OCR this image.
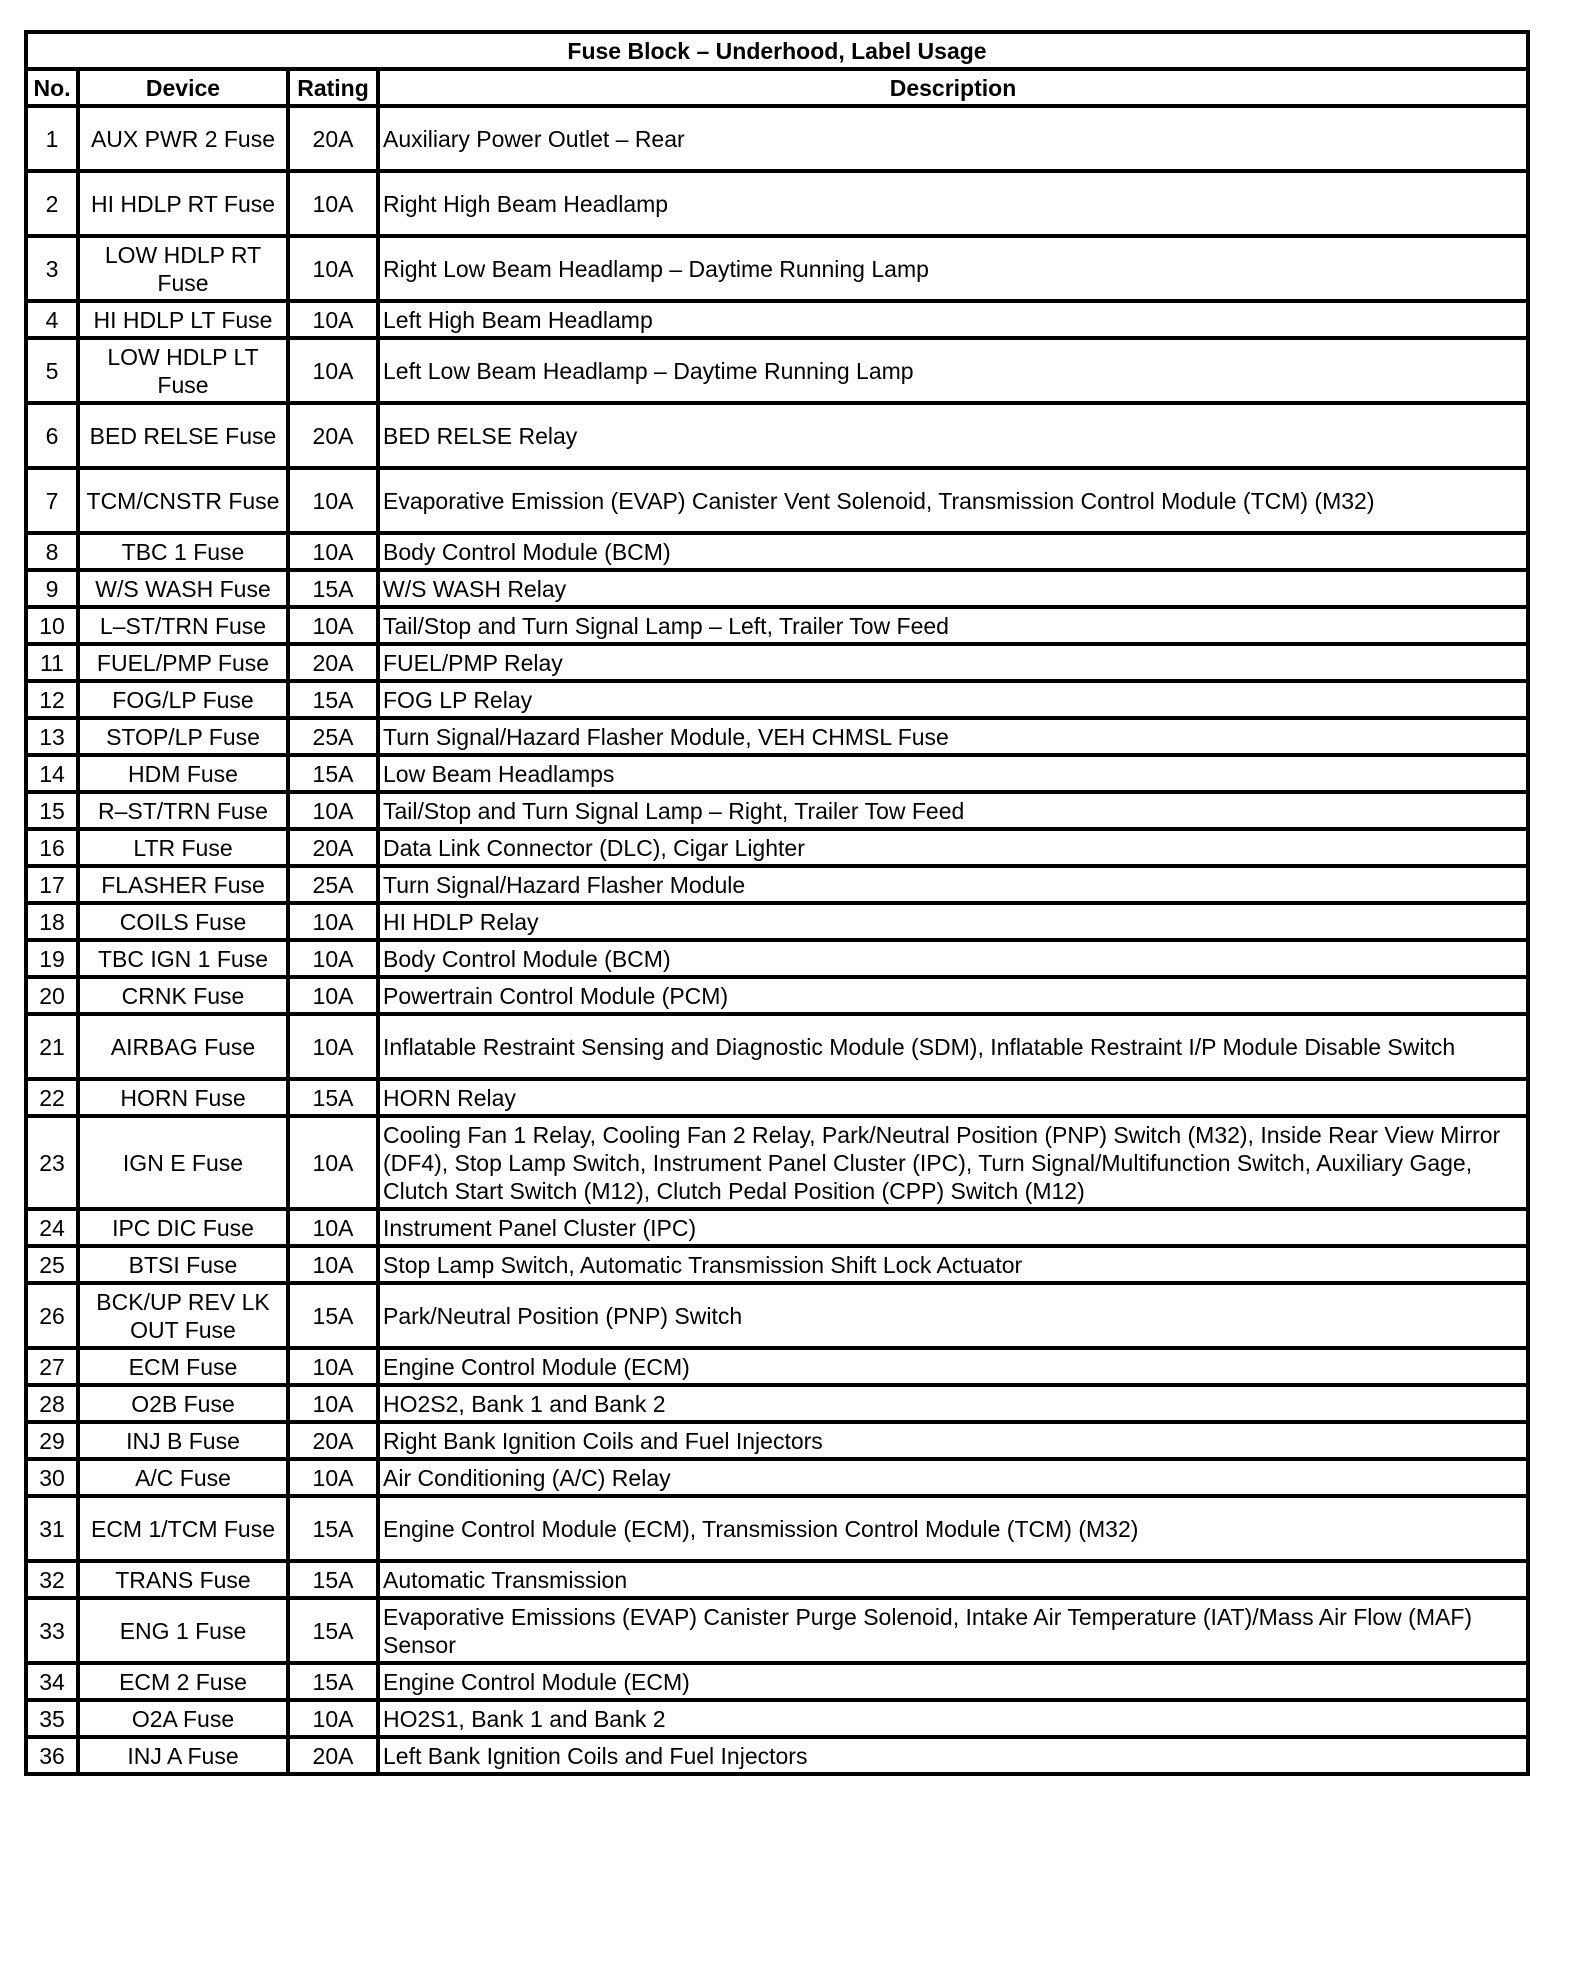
Fuse Block – Underhood, Label Usage			
No.	Device	Rating	Description
1	AUX PWR 2 Fuse	20A	Auxiliary Power Outlet – Rear
2	HI HDLP RT Fuse	10A	Right High Beam Headlamp
3	LOW HDLP RT Fuse	10A	Right Low Beam Headlamp – Daytime Running Lamp
4	HI HDLP LT Fuse	10A	Left High Beam Headlamp
5	LOW HDLP LT Fuse	10A	Left Low Beam Headlamp – Daytime Running Lamp
6	BED RELSE Fuse	20A	BED RELSE Relay
7	TCM/CNSTR Fuse	10A	Evaporative Emission (EVAP) Canister Vent Solenoid, Transmission Control Module (TCM) (M32)
8	TBC 1 Fuse	10A	Body Control Module (BCM)
9	W/S WASH Fuse	15A	W/S WASH Relay
10	L–ST/TRN Fuse	10A	Tail/Stop and Turn Signal Lamp – Left, Trailer Tow Feed
11	FUEL/PMP Fuse	20A	FUEL/PMP Relay
12	FOG/LP Fuse	15A	FOG LP Relay
13	STOP/LP Fuse	25A	Turn Signal/Hazard Flasher Module, VEH CHMSL Fuse
14	HDM Fuse	15A	Low Beam Headlamps
15	R–ST/TRN Fuse	10A	Tail/Stop and Turn Signal Lamp – Right, Trailer Tow Feed
16	LTR Fuse	20A	Data Link Connector (DLC), Cigar Lighter
17	FLASHER Fuse	25A	Turn Signal/Hazard Flasher Module
18	COILS Fuse	10A	HI HDLP Relay
19	TBC IGN 1 Fuse	10A	Body Control Module (BCM)
20	CRNK Fuse	10A	Powertrain Control Module (PCM)
21	AIRBAG Fuse	10A	Inflatable Restraint Sensing and Diagnostic Module (SDM), Inflatable Restraint I/P Module Disable Switch
22	HORN Fuse	15A	HORN Relay
23	IGN E Fuse	10A	Cooling Fan 1 Relay, Cooling Fan 2 Relay, Park/Neutral Position (PNP) Switch (M32), Inside Rear View Mirror (DF4), Stop Lamp Switch, Instrument Panel Cluster (IPC), Turn Signal/Multifunction Switch, Auxiliary Gage, Clutch Start Switch (M12), Clutch Pedal Position (CPP) Switch (M12)
24	IPC DIC Fuse	10A	Instrument Panel Cluster (IPC)
25	BTSI Fuse	10A	Stop Lamp Switch, Automatic Transmission Shift Lock Actuator
26	BCK/UP REV LK OUT Fuse	15A	Park/Neutral Position (PNP) Switch
27	ECM Fuse	10A	Engine Control Module (ECM)
28	O2B Fuse	10A	HO2S2, Bank 1 and Bank 2
29	INJ B Fuse	20A	Right Bank Ignition Coils and Fuel Injectors
30	A/C Fuse	10A	Air Conditioning (A/C) Relay
31	ECM 1/TCM Fuse	15A	Engine Control Module (ECM), Transmission Control Module (TCM) (M32)
32	TRANS Fuse	15A	Automatic Transmission
33	ENG 1 Fuse	15A	Evaporative Emissions (EVAP) Canister Purge Solenoid, Intake Air Temperature (IAT)/Mass Air Flow (MAF) Sensor
34	ECM 2 Fuse	15A	Engine Control Module (ECM)
35	O2A Fuse	10A	HO2S1, Bank 1 and Bank 2
36	INJ A Fuse	20A	Left Bank Ignition Coils and Fuel Injectors
